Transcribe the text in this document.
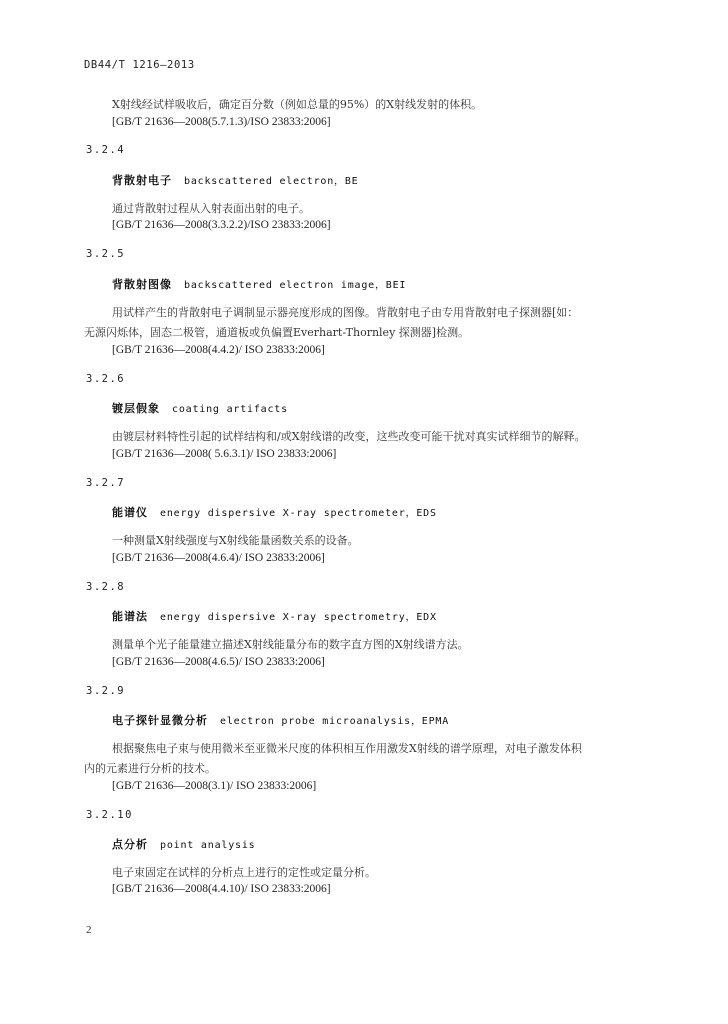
DB44/T 1216—2013
X射线经试样吸收后，确定百分数（例如总量的95%）的X射线发射的体积。
[GB/T 21636—2008(5.7.1.3)/ISO 23833:2006]
3.2.4
背散射电子 backscattered electron，BE
通过背散射过程从入射表面出射的电子。
[GB/T 21636—2008(3.3.2.2)/ISO 23833:2006]
3.2.5
背散射图像 backscattered electron image，BEI
用试样产生的背散射电子调制显示器亮度形成的图像。背散射电子由专用背散射电子探测器[如：
无源闪烁体，固态二极管，通道板或负偏置Everhart-Thornley 探测器]检测。
[GB/T 21636—2008(4.4.2)/ ISO 23833:2006]
3.2.6
镀层假象 coating artifacts
由镀层材料特性引起的试样结构和/或X射线谱的改变，这些改变可能干扰对真实试样细节的解释。
[GB/T 21636—2008( 5.6.3.1)/ ISO 23833:2006]
3.2.7
能谱仪 energy dispersive X-ray spectrometer，EDS
一种测量X射线强度与X射线能量函数关系的设备。
[GB/T 21636—2008(4.6.4)/ ISO 23833:2006]
3.2.8
能谱法 energy dispersive X-ray spectrometry，EDX
测量单个光子能量建立描述X射线能量分布的数字直方图的X射线谱方法。
[GB/T 21636—2008(4.6.5)/ ISO 23833:2006]
3.2.9
电子探针显微分析 electron probe microanalysis，EPMA
根据聚焦电子束与使用微米至亚微米尺度的体积相互作用激发X射线的谱学原理，对电子激发体积
内的元素进行分析的技术。
[GB/T 21636—2008(3.1)/ ISO 23833:2006]
3.2.10
点分析 point analysis
电子束固定在试样的分析点上进行的定性或定量分析。
[GB/T 21636—2008(4.4.10)/ ISO 23833:2006]
2
